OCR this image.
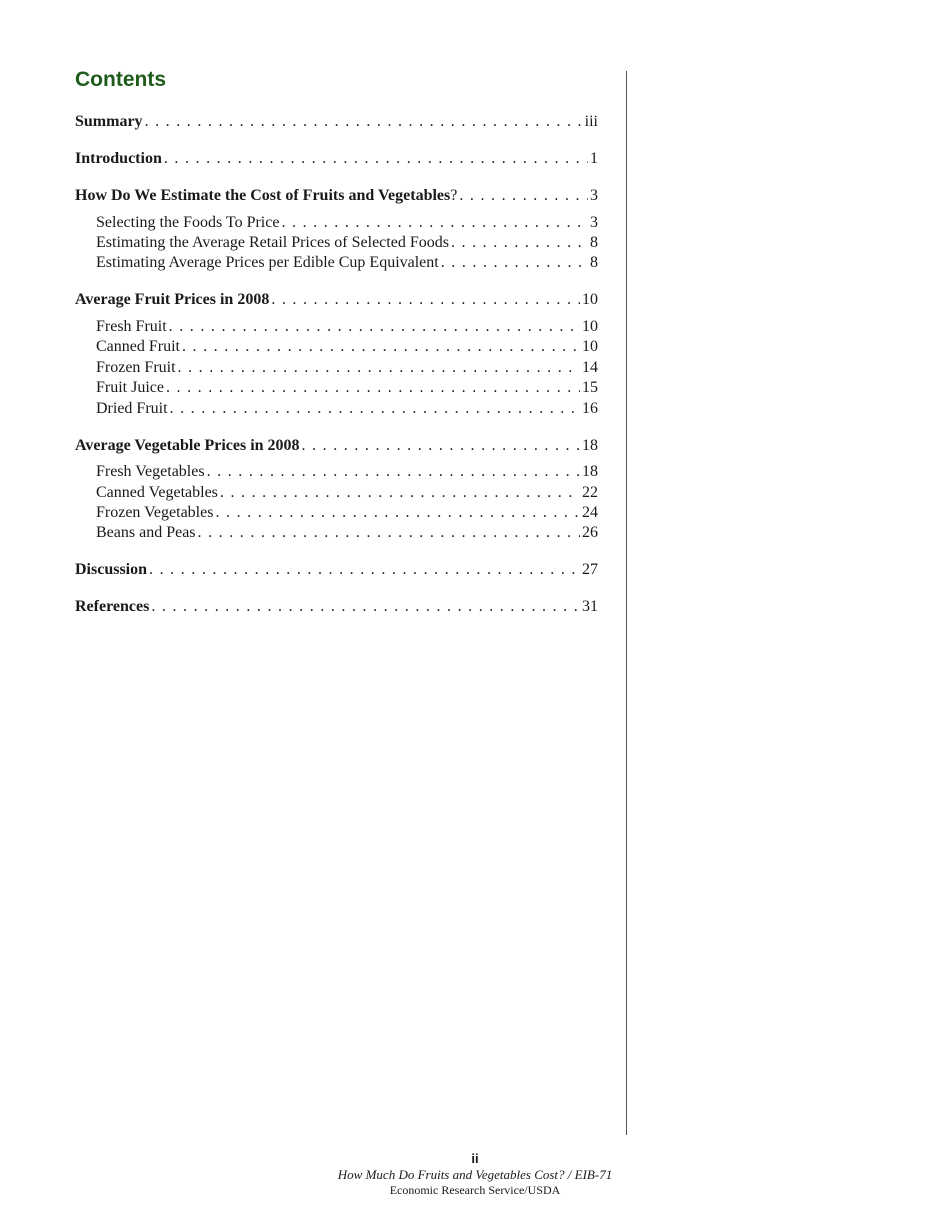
Contents
Summary . . .	iii
Introduction . . .	1
How Do We Estimate the Cost of Fruits and Vegetables? . . .	3
Selecting the Foods To Price . . .	3
Estimating the Average Retail Prices of Selected Foods . . .	8
Estimating Average Prices per Edible Cup Equivalent . . .	8
Average Fruit Prices in 2008 . . .	10
Fresh Fruit . . .	10
Canned Fruit . . .	10
Frozen Fruit . . .	14
Fruit Juice . . .	15
Dried Fruit . . .	16
Average Vegetable Prices in 2008 . . .	18
Fresh Vegetables . . .	18
Canned Vegetables . . .	22
Frozen Vegetables . . .	24
Beans and Peas . . .	26
Discussion . . .	27
References . . .	31
ii
How Much Do Fruits and Vegetables Cost? / EIB-71
Economic Research Service/USDA
